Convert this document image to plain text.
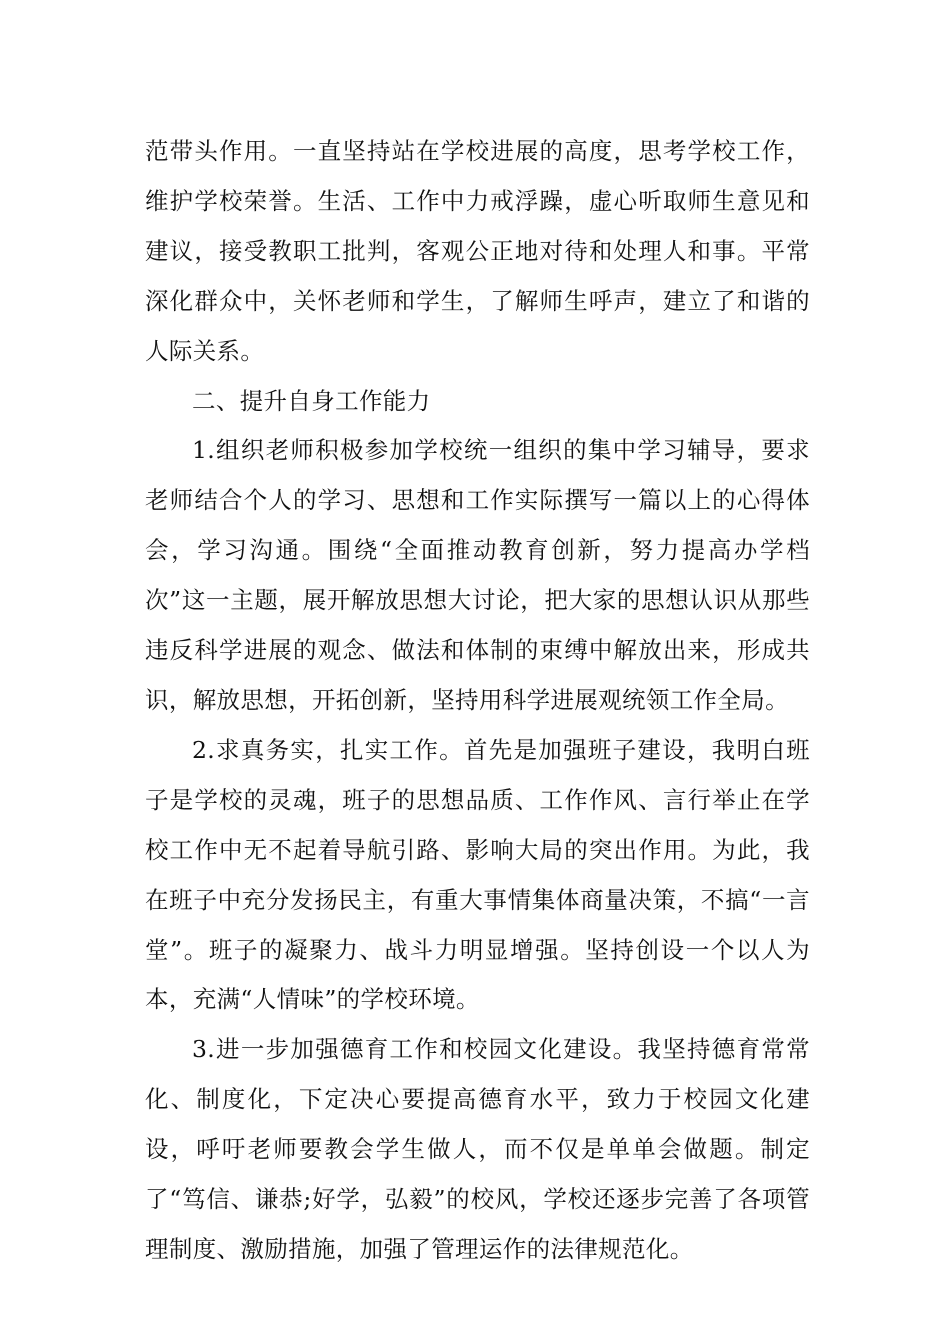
范带头作用。一直坚持站在学校进展的高度，思考学校工作，维护学校荣誉。生活、工作中力戒浮躁，虚心听取师生意见和建议，接受教职工批判，客观公正地对待和处理人和事。平常深化群众中，关怀老师和学生，了解师生呼声，建立了和谐的人际关系。

二、提升自身工作能力

1.组织老师积极参加学校统一组织的集中学习辅导，要求老师结合个人的学习、思想和工作实际撰写一篇以上的心得体会，学习沟通。围绕“全面推动教育创新，努力提高办学档次”这一主题，展开解放思想大讨论，把大家的思想认识从那些违反科学进展的观念、做法和体制的束缚中解放出来，形成共识，解放思想，开拓创新，坚持用科学进展观统领工作全局。

2.求真务实，扎实工作。首先是加强班子建设，我明白班子是学校的灵魂，班子的思想品质、工作作风、言行举止在学校工作中无不起着导航引路、影响大局的突出作用。为此，我在班子中充分发扬民主，有重大事情集体商量决策，不搞“一言堂”。班子的凝聚力、战斗力明显增强。坚持创设一个以人为本，充满“人情味”的学校环境。

3.进一步加强德育工作和校园文化建设。我坚持德育常常化、制度化，下定决心要提高德育水平，致力于校园文化建设，呼吁老师要教会学生做人，而不仅是单单会做题。制定了“笃信、谦恭;好学，弘毅”的校风，学校还逐步完善了各项管理制度、激励措施，加强了管理运作的法律规范化。
